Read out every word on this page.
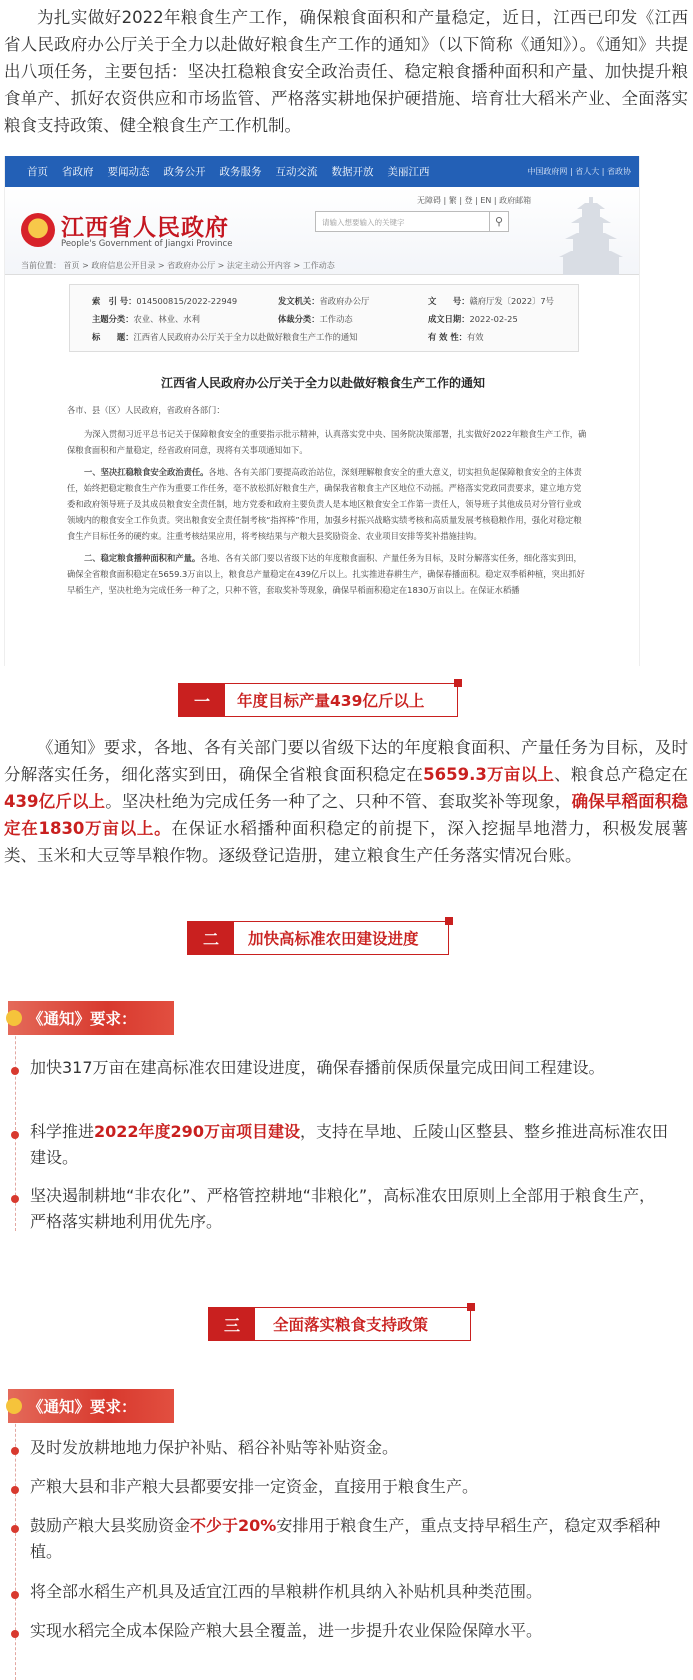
为扎实做好2022年粮食生产工作，确保粮食面积和产量稳定，近日，江西已印发《江西省人民政府办公厅关于全力以赴做好粮食生产工作的通知》（以下简称《通知》）。《通知》共提出八项任务，主要包括：坚决扛稳粮食安全政治责任、稳定粮食播种面积和产量、加快提升粮食单产、抓好农资供应和市场监管、严格落实耕地保护硬措施、培育壮大稻米产业、全面落实粮食支持政策、健全粮食生产工作机制。
首页 省政府 要闻动态 政务公开 政务服务 互动交流 数据开放 美丽江西	中国政府网 | 省人大 | 省政协
江西省人民政府
People's Government of Jiangxi Province
无障碍 | 繁 | 登 | EN | 政府邮箱
请输入想要输入的关键字	⚲
当前位置： 首页 > 政府信息公开目录 > 省政府办公厅 > 法定主动公开内容 > 工作动态
索　引 号：014500815/2022-22949	发文机关：省政府办公厅	文　　号：赣府厅发〔2022〕7号
主题分类：农业、林业、水利	体裁分类：工作动态	成文日期：2022-02-25
标　　题：江西省人民政府办公厅关于全力以赴做好粮食生产工作的通知	有 效 性：有效
江西省人民政府办公厅关于全力以赴做好粮食生产工作的通知

各市、县（区）人民政府，省政府各部门：

为深入贯彻习近平总书记关于保障粮食安全的重要指示批示精神，认真落实党中央、国务院决策部署，扎实做好2022年粮食生产工作，确保粮食面积和产量稳定，经省政府同意，现将有关事项通知如下。

一、坚决扛稳粮食安全政治责任。各地、各有关部门要提高政治站位，深刻理解粮食安全的重大意义，切实担负起保障粮食安全的主体责任，始终把稳定粮食生产作为重要工作任务，毫不放松抓好粮食生产，确保我省粮食主产区地位不动摇。严格落实党政同责要求，建立地方党委和政府领导班子及其成员粮食安全责任制，地方党委和政府主要负责人是本地区粮食安全工作第一责任人，领导班子其他成员对分管行业或领域内的粮食安全工作负责。突出粮食安全责任制考核“指挥棒”作用，加强乡村振兴战略实绩考核和高质量发展考核稳粮作用，强化对稳定粮食生产目标任务的硬约束。注重考核结果应用，将考核结果与产粮大县奖励资金、农业项目安排等奖补措施挂钩。

二、稳定粮食播种面积和产量。各地、各有关部门要以省级下达的年度粮食面积、产量任务为目标，及时分解落实任务，细化落实到田，确保全省粮食面积稳定在5659.3万亩以上，粮食总产量稳定在439亿斤以上。扎实推进春耕生产，确保春播面积。稳定双季稻种植，突出抓好早稻生产，坚决杜绝为完成任务一种了之，只种不管，套取奖补等现象，确保早稻面积稳定在1830万亩以上。在保证水稻播

一	年度目标产量439亿斤以上
《通知》要求，各地、各有关部门要以省级下达的年度粮食面积、产量任务为目标，及时分解落实任务，细化落实到田，确保全省粮食面积稳定在5659.3万亩以上、粮食总产稳定在439亿斤以上。坚决杜绝为完成任务一种了之、只种不管、套取奖补等现象，确保早稻面积稳定在1830万亩以上。在保证水稻播种面积稳定的前提下，深入挖掘旱地潜力，积极发展薯类、玉米和大豆等旱粮作物。逐级登记造册，建立粮食生产任务落实情况台账。
二	加快高标准农田建设进度
《通知》要求：
加快317万亩在建高标准农田建设进度，确保春播前保质保量完成田间工程建设。
科学推进2022年度290万亩项目建设，支持在旱地、丘陵山区整县、整乡推进高标准农田建设。
坚决遏制耕地“非农化”、严格管控耕地“非粮化”，高标准农田原则上全部用于粮食生产，严格落实耕地利用优先序。
三	全面落实粮食支持政策
《通知》要求：
及时发放耕地地力保护补贴、稻谷补贴等补贴资金。
产粮大县和非产粮大县都要安排一定资金，直接用于粮食生产。
鼓励产粮大县奖励资金不少于20%安排用于粮食生产，重点支持早稻生产，稳定双季稻种植。
将全部水稻生产机具及适宜江西的旱粮耕作机具纳入补贴机具种类范围。
实现水稻完全成本保险产粮大县全覆盖，进一步提升农业保险保障水平。
